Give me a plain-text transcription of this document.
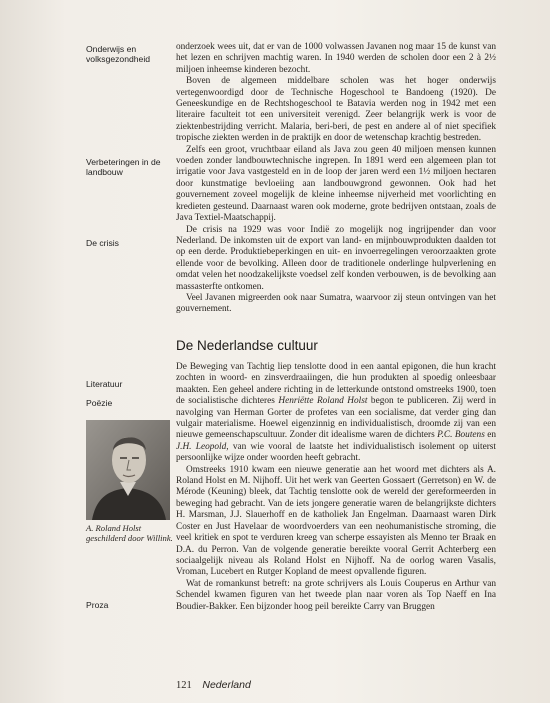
Onderwijs en volksgezondheid
Verbeteringen in de landbouw
De crisis

onderzoek wees uit, dat er van de 1000 volwassen Javanen nog maar 15 de kunst van het lezen en schrijven machtig waren. In 1940 werden de scholen door een 2 à 2½ miljoen inheemse kinderen bezocht.

Boven de algemeen middelbare scholen was het hoger onderwijs vertegenwoordigd door de Technische Hogeschool te Bandoeng (1920). De Geneeskundige en de Rechtshogeschool te Batavia werden nog in 1942 met een literaire faculteit tot een universiteit verenigd. Zeer belangrijk werk is voor de ziektenbestrijding verricht. Malaria, beri-beri, de pest en andere al of niet specifiek tropische ziekten werden in de praktijk en door de wetenschap krachtig bestreden.

Zelfs een groot, vruchtbaar eiland als Java zou geen 40 miljoen mensen kunnen voeden zonder landbouwtechnische ingrepen. In 1891 werd een algemeen plan tot irrigatie voor Java vastgesteld en in de loop der jaren werd een 1½ miljoen hectaren door kunstmatige bevloeiing aan landbouwgrond gewonnen. Ook had het gouvernement zoveel mogelijk de kleine inheemse nijverheid met voorlichting en kredieten gesteund. Daarnaast waren ook moderne, grote bedrijven ontstaan, zoals de Java Textiel-Maatschappij.

De crisis na 1929 was voor Indië zo mogelijk nog ingrijpender dan voor Nederland. De inkomsten uit de export van land- en mijnbouwprodukten daalden tot op een derde. Produktiebeperkingen en uit- en invoerregelingen veroorzaakten grote ellende voor de bevolking. Alleen door de traditionele onderlinge hulpverlening en omdat velen het noodzakelijkste voedsel zelf konden verbouwen, is de bevolking aan massasterfte ontkomen.

Veel Javanen migreerden ook naar Sumatra, waarvoor zij steun ontvingen van het gouvernement.

De Nederlandse cultuur
Literatuur
Poëzie

De Beweging van Tachtig liep tenslotte dood in een aantal epigonen, die hun kracht zochten in woord- en zinsverdraaiingen, die hun produkten al spoedig onleesbaar maakten. Een geheel andere richting in de letterkunde ontstond omstreeks 1900, toen de socialistische dichteres Henriëtte Roland Holst begon te publiceren. Zij werd in navolging van Herman Gorter de profetes van een socialisme, dat verder ging dan vulgair materialisme. Hoewel eigenzinnig en individualistisch, droomde zij van een nieuwe gemeenschapscultuur. Zonder dit idealisme waren de dichters P.C. Boutens en J.H. Leopold, van wie vooral de laatste het individualistisch isolement op uiterst persoonlijke wijze onder woorden heeft gebracht.

Omstreeks 1910 kwam een nieuwe generatie aan het woord met dichters als A. Roland Holst en M. Nijhoff. Uit het werk van Geerten Gossaert (Gerretson) en W. de Mérode (Keuning) bleek, dat Tachtig tenslotte ook de wereld der gereformeerden in beweging had gebracht. Van de iets jongere generatie waren de belangrijkste dichters H. Marsman, J.J. Slauerhoff en de katholiek Jan Engelman. Daarnaast waren Dirk Coster en Just Havelaar de woordvoerders van een neohumanistische stroming, die veel kritiek en spot te verduren kreeg van scherpe essayisten als Menno ter Braak en D.A. du Perron. Van de volgende generatie bereikte vooral Gerrit Achterberg een sociaalgelijk niveau als Roland Holst en Nijhoff. Na de oorlog waren Vasalis, Vroman, Lucebert en Rutger Kopland de meest opvallende figuren.

Wat de romankunst betreft: na grote schrijvers als Louis Couperus en Arthur van Schendel kwamen figuren van het tweede plan naar voren als Top Naeff en Ina Boudier-Bakker. Een bijzonder hoog peil bereikte Carry van Bruggen

A. Roland Holst geschilderd door Willink.
Proza
121 Nederland
